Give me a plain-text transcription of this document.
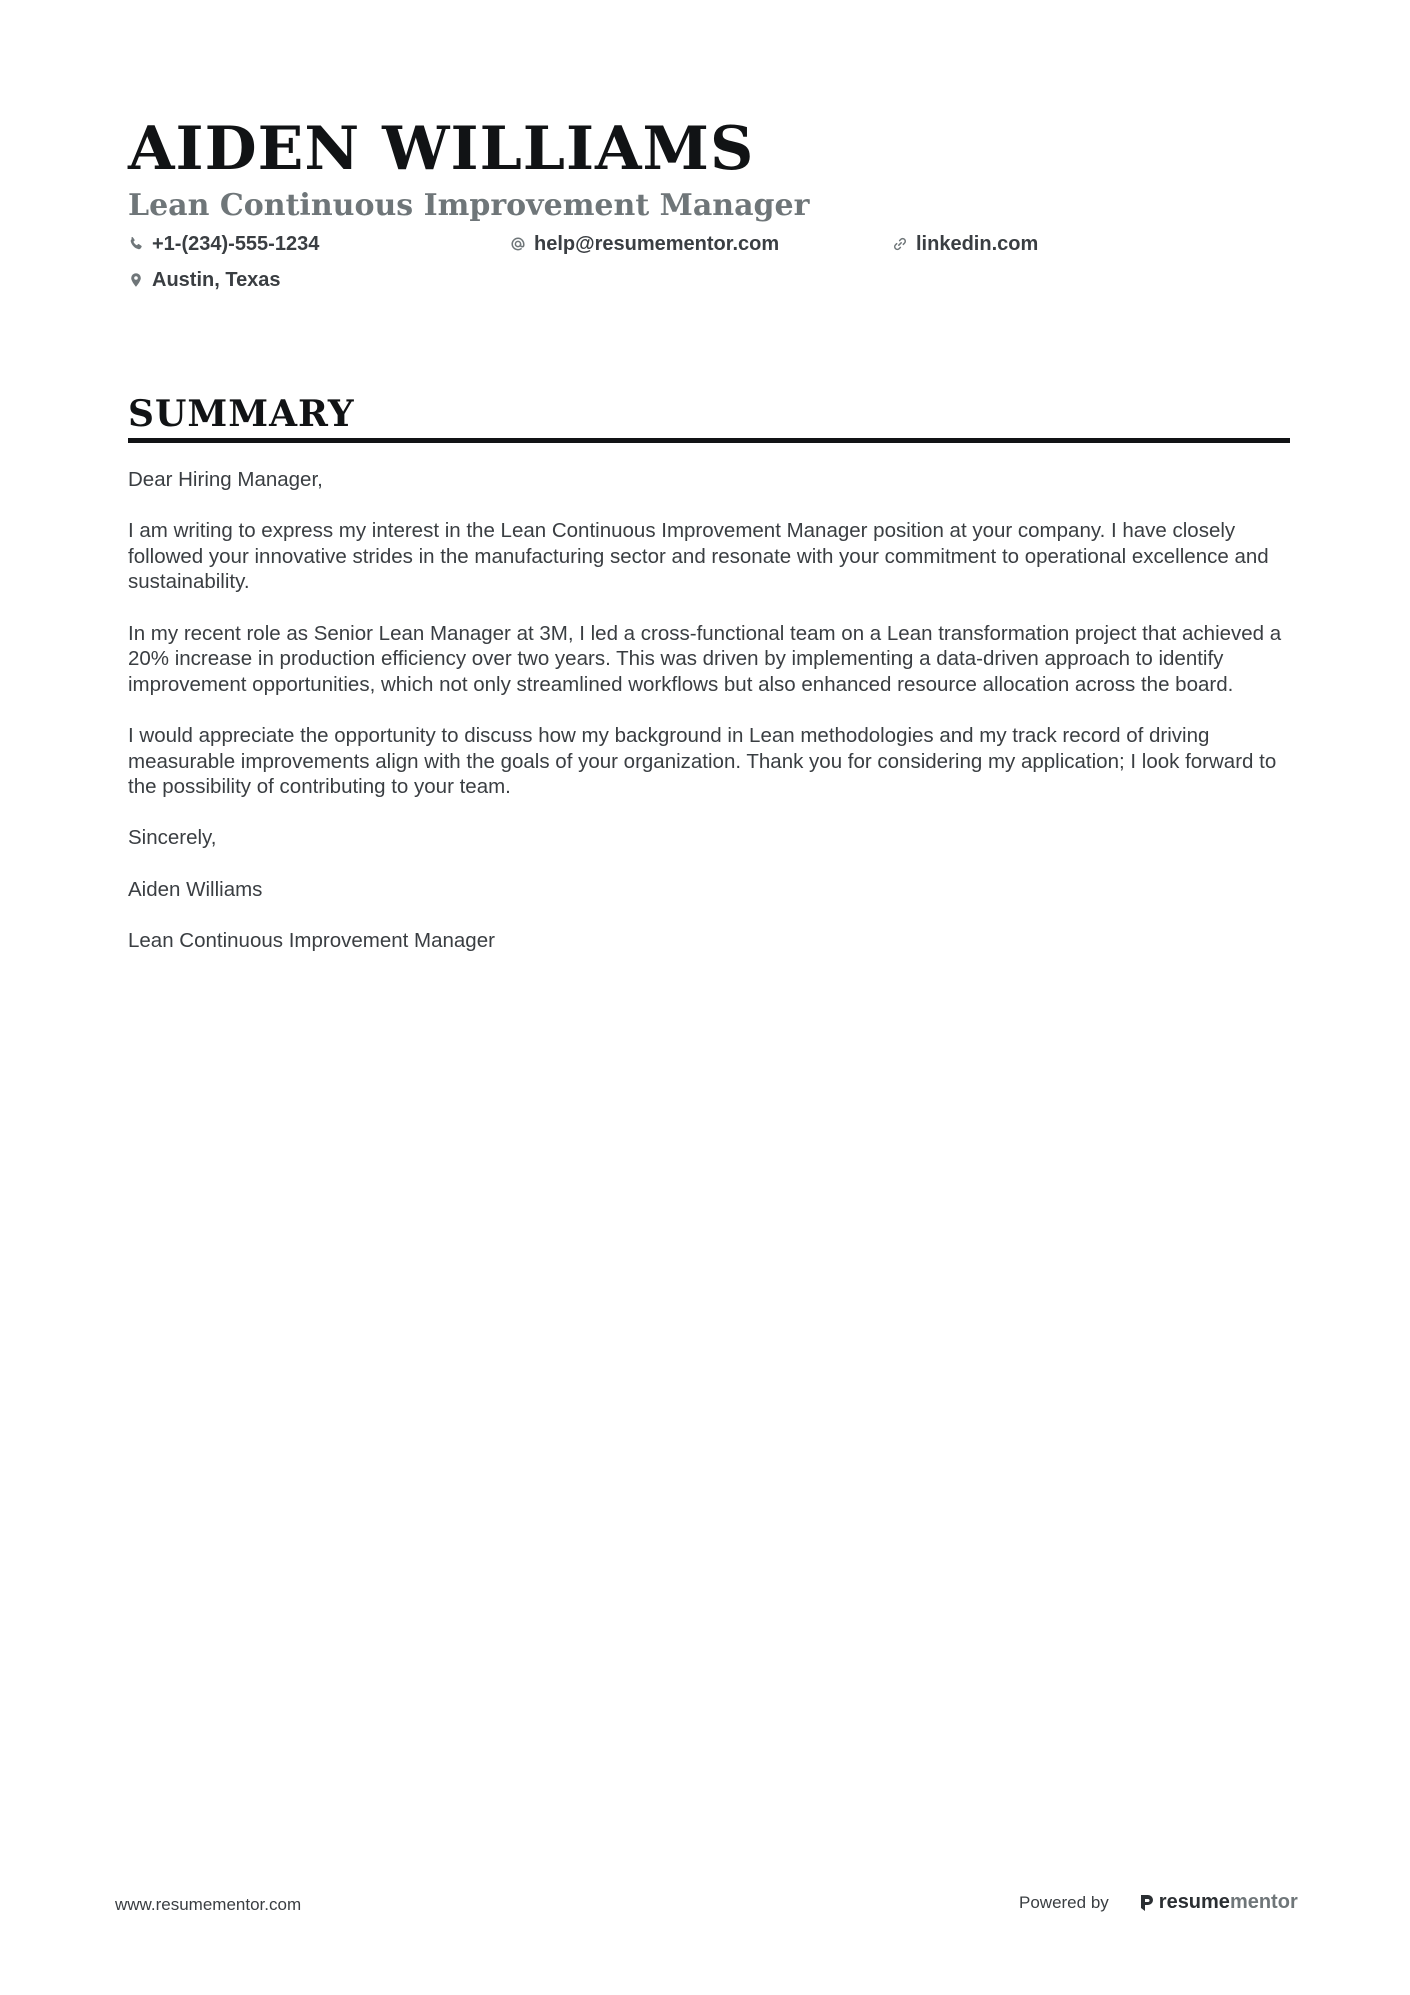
AIDEN WILLIAMS
Lean Continuous Improvement Manager
+1-(234)-555-1234	help@resumementor.com	linkedin.com
Austin, Texas
SUMMARY

Dear Hiring Manager,

I am writing to express my interest in the Lean Continuous Improvement Manager position at your company. I have closely followed your innovative strides in the manufacturing sector and resonate with your commitment to operational excellence and sustainability.

In my recent role as Senior Lean Manager at 3M, I led a cross-functional team on a Lean transformation project that achieved a 20% increase in production efficiency over two years. This was driven by implementing a data-driven approach to identify improvement opportunities, which not only streamlined workflows but also enhanced resource allocation across the board.

I would appreciate the opportunity to discuss how my background in Lean methodologies and my track record of driving measurable improvements align with the goals of your organization. Thank you for considering my application; I look forward to the possibility of contributing to your team.

Sincerely,

Aiden Williams

Lean Continuous Improvement Manager

www.resumementor.com	Powered by	resume mentor
